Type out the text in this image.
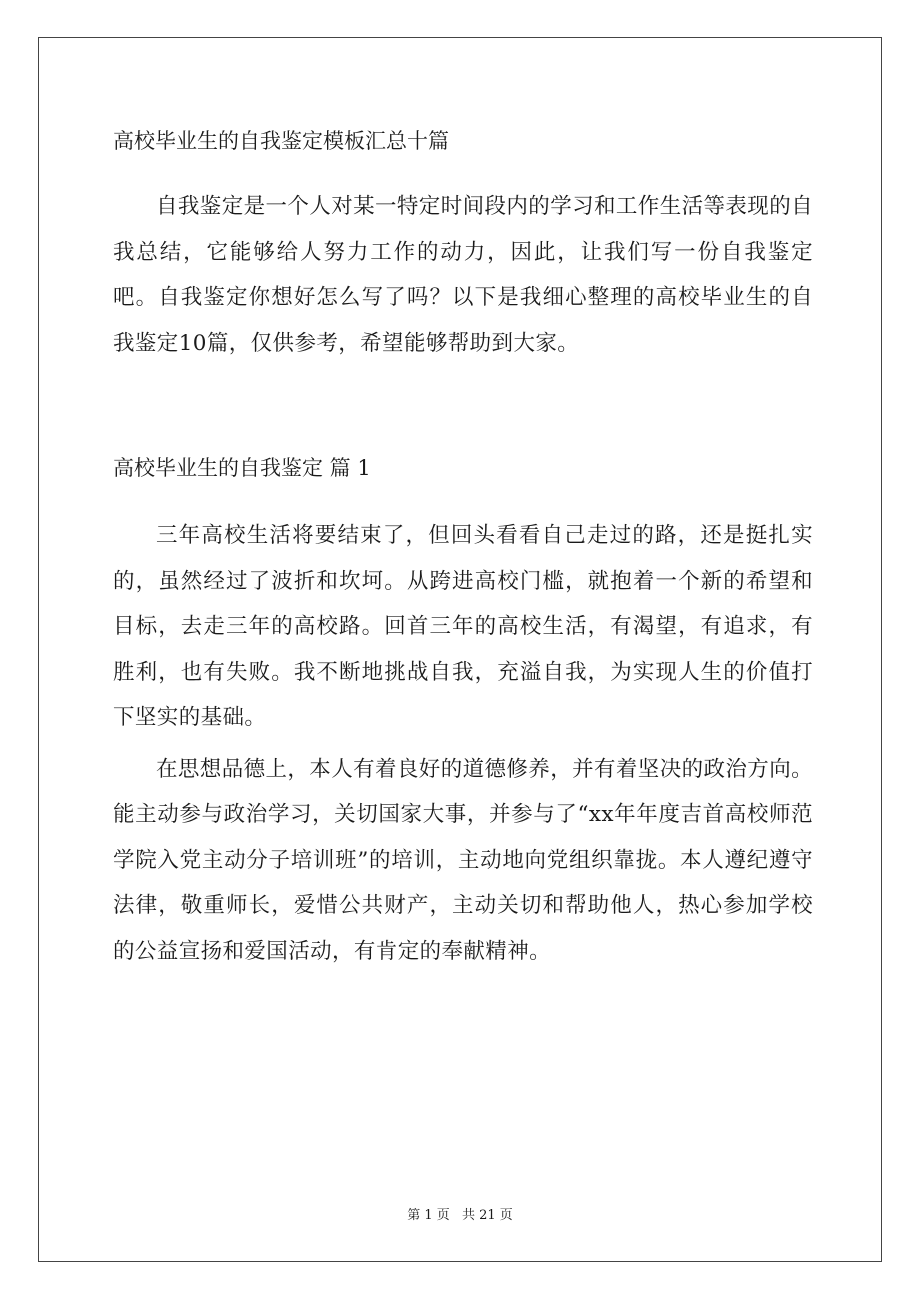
高校毕业生的自我鉴定模板汇总十篇

自我鉴定是一个人对某一特定时间段内的学习和工作生活等表现的自我总结，它能够给人努力工作的动力，因此，让我们写一份自我鉴定吧。自我鉴定你想好怎么写了吗？以下是我细心整理的高校毕业生的自我鉴定10篇，仅供参考，希望能够帮助到大家。

高校毕业生的自我鉴定 篇 1

三年高校生活将要结束了，但回头看看自己走过的路，还是挺扎实的，虽然经过了波折和坎坷。从跨进高校门槛，就抱着一个新的希望和目标，去走三年的高校路。回首三年的高校生活，有渴望，有追求，有胜利，也有失败。我不断地挑战自我，充溢自我，为实现人生的价值打下坚实的基础。

在思想品德上，本人有着良好的道德修养，并有着坚决的政治方向。能主动参与政治学习，关切国家大事，并参与了“xx年年度吉首高校师范学院入党主动分子培训班”的培训，主动地向党组织靠拢。本人遵纪遵守法律，敬重师长，爱惜公共财产，主动关切和帮助他人，热心参加学校的公益宣扬和爱国活动，有肯定的奉献精神。

第 1 页 共 21 页
